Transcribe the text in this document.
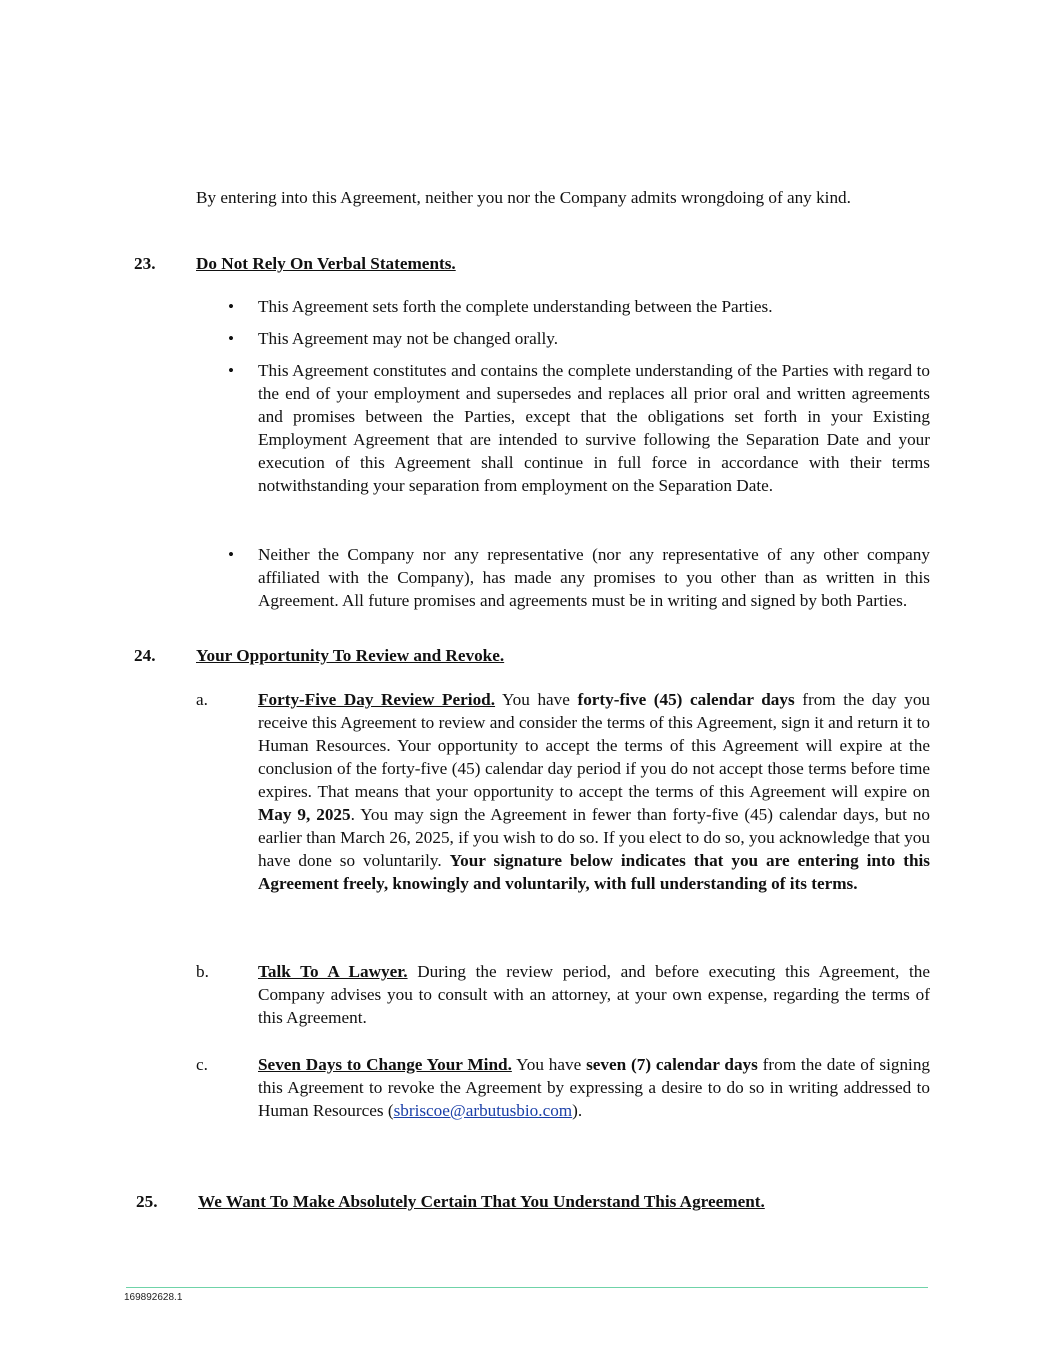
By entering into this Agreement, neither you nor the Company admits wrongdoing of any kind.

23. Do Not Rely On Verbal Statements.
• This Agreement sets forth the complete understanding between the Parties.

• This Agreement may not be changed orally.

• This Agreement constitutes and contains the complete understanding of the Parties with regard to the end of your employment and supersedes and replaces all prior oral and written agreements and promises between the Parties, except that the obligations set forth in your Existing Employment Agreement that are intended to survive following the Separation Date and your execution of this Agreement shall continue in full force in accordance with their terms notwithstanding your separation from employment on the Separation Date.

• Neither the Company nor any representative (nor any representative of any other company affiliated with the Company), has made any promises to you other than as written in this Agreement. All future promises and agreements must be in writing and signed by both Parties.

24. Your Opportunity To Review and Revoke.
a.	Forty-Five Day Review Period. You have forty-five (45) calendar days from the day you receive this Agreement to review and consider the terms of this Agreement, sign it and return it to Human Resources. Your opportunity to accept the terms of this Agreement will expire at the conclusion of the forty-five (45) calendar day period if you do not accept those terms before time expires. That means that your opportunity to accept the terms of this Agreement will expire on May 9, 2025. You may sign the Agreement in fewer than forty-five (45) calendar days, but no earlier than March 26, 2025, if you wish to do so. If you elect to do so, you acknowledge that you have done so voluntarily. Your signature below indicates that you are entering into this Agreement freely, knowingly and voluntarily, with full understanding of its terms.

b.	Talk To A Lawyer. During the review period, and before executing this Agreement, the Company advises you to consult with an attorney, at your own expense, regarding the terms of this Agreement.

c.	Seven Days to Change Your Mind. You have seven (7) calendar days from the date of signing this Agreement to revoke the Agreement by expressing a desire to do so in writing addressed to Human Resources (sbriscoe@arbutusbio.com).

25. We Want To Make Absolutely Certain That You Understand This Agreement.
169892628.1
